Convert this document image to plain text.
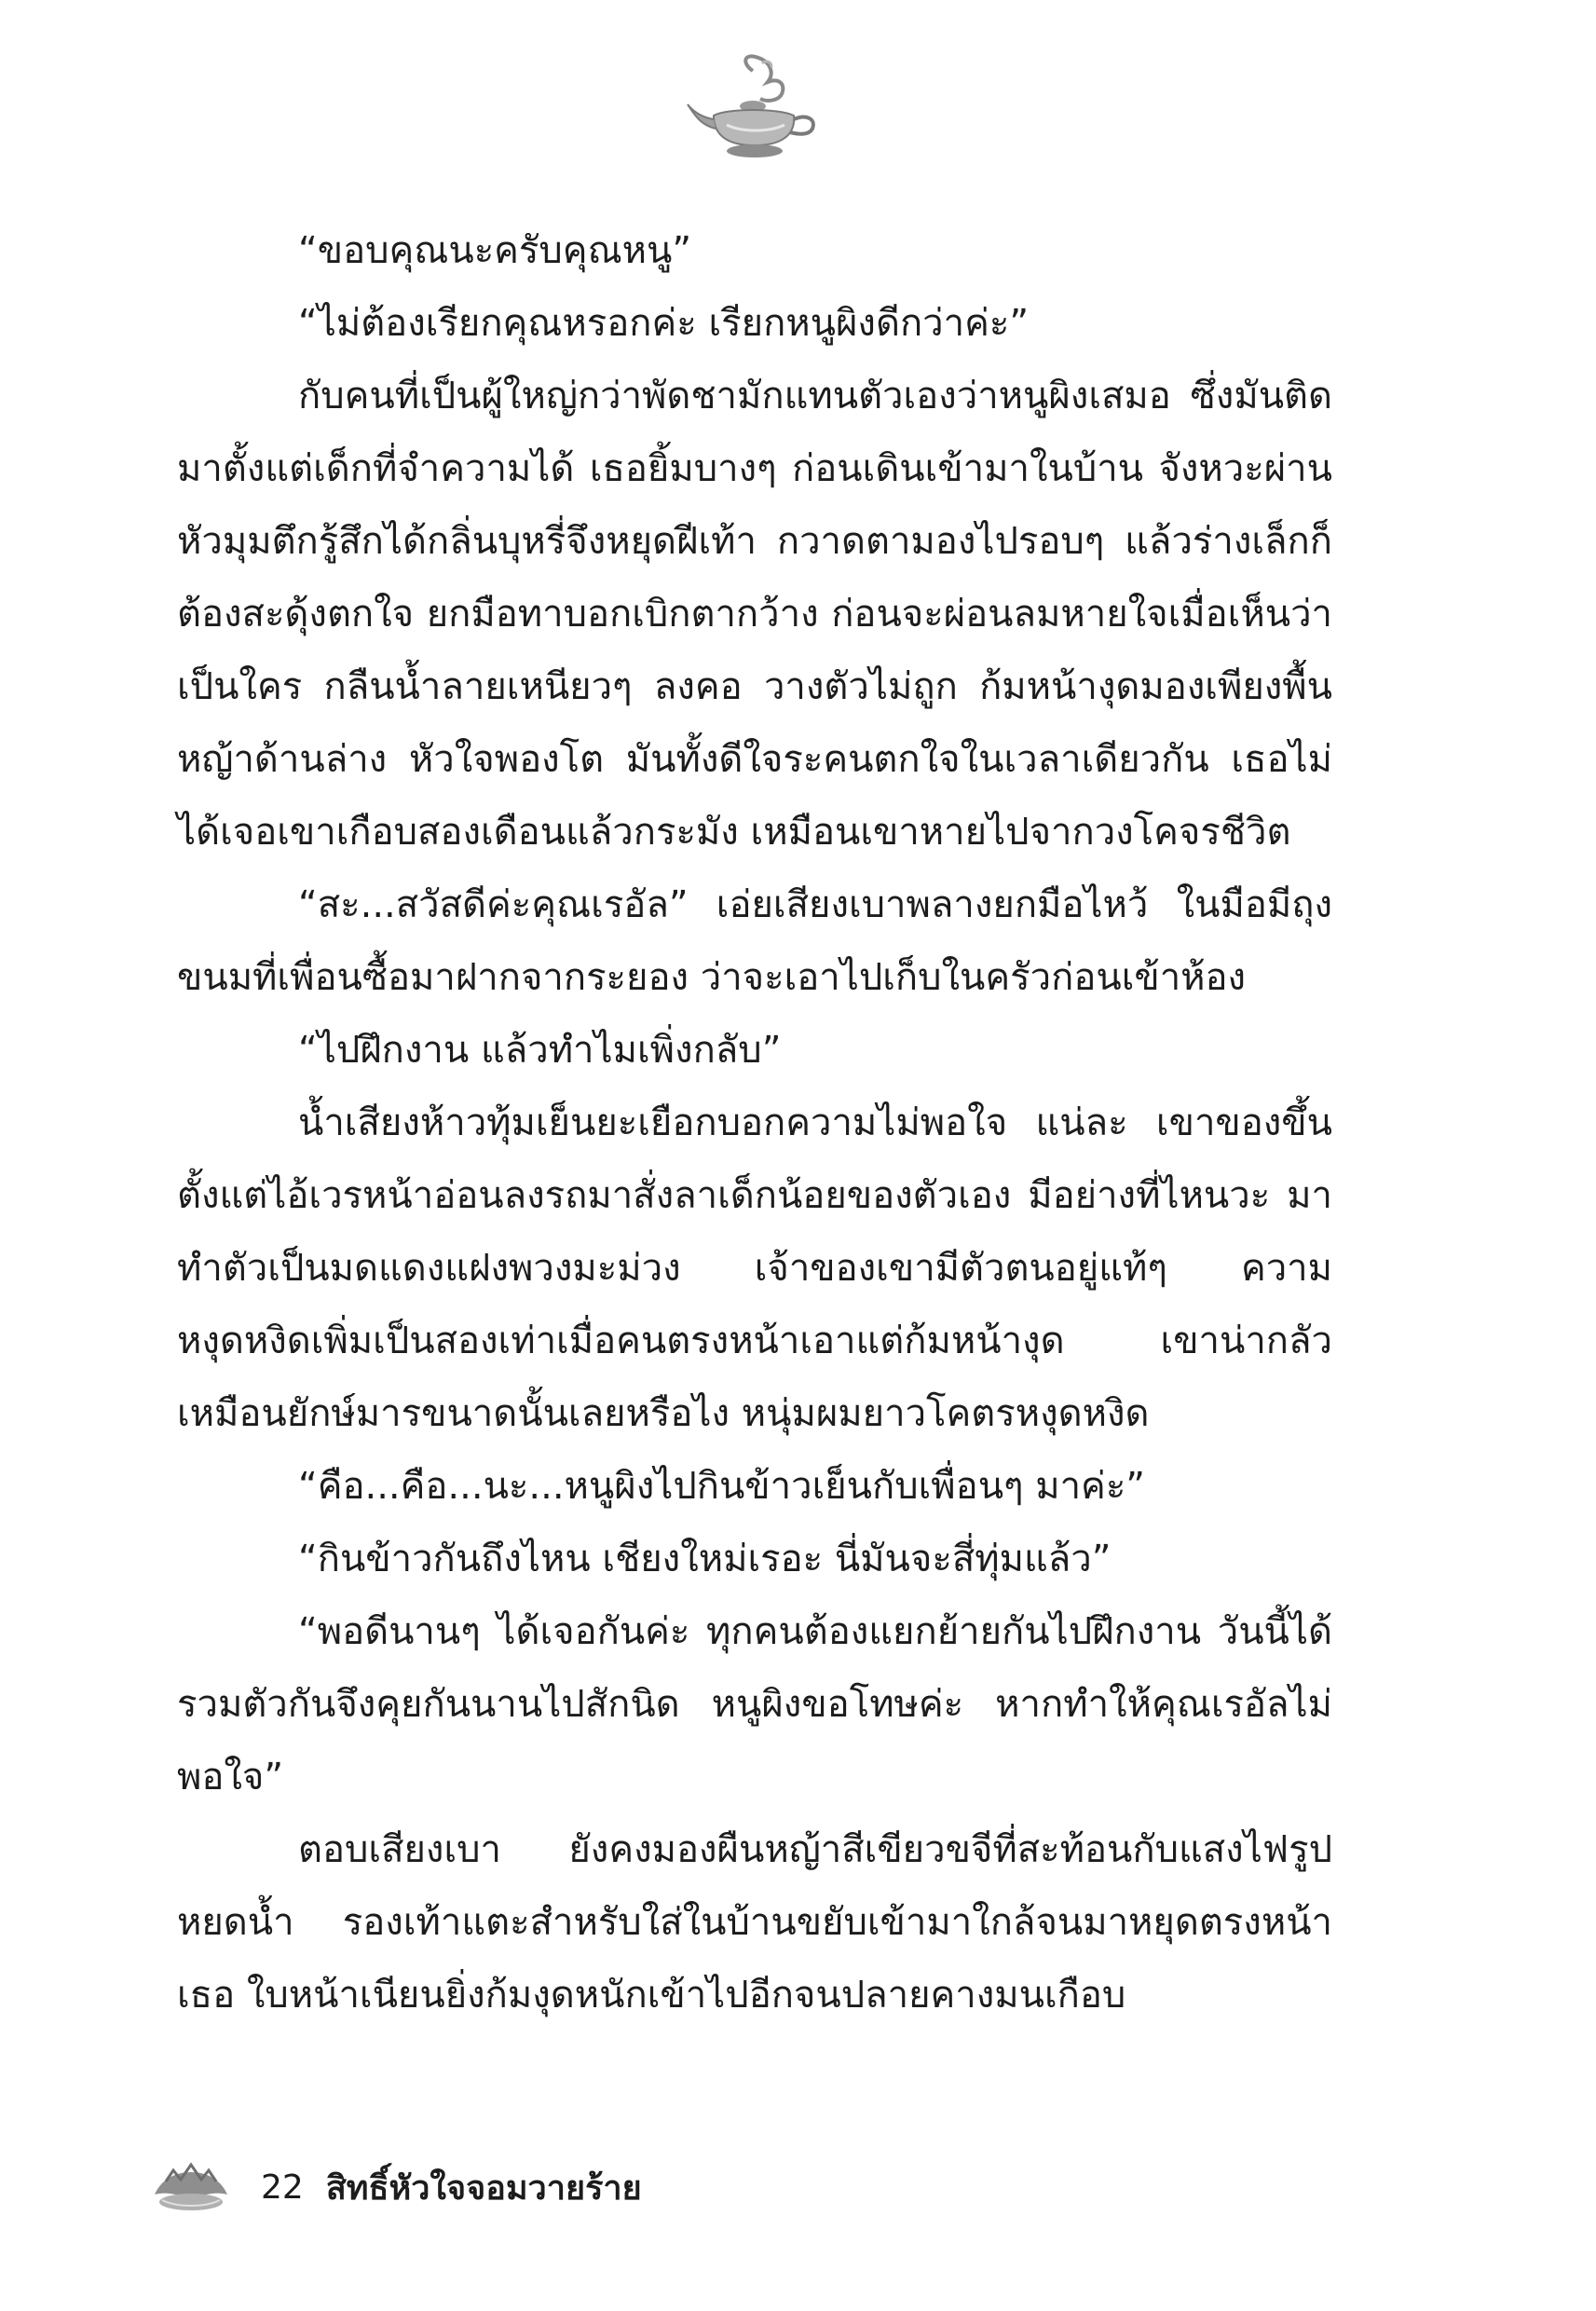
“ขอบคุณนะครับคุณหนู”

“ไม่ต้องเรียกคุณหรอกค่ะ เรียกหนูผิงดีกว่าค่ะ”

กับคนที่เป็นผู้ใหญ่กว่าพัดชามักแทนตัวเองว่าหนูผิงเสมอ ซึ่งมันติดมาตั้งแต่เด็กที่จำความได้ เธอยิ้มบางๆ ก่อนเดินเข้ามาในบ้าน จังหวะผ่านหัวมุมตึกรู้สึกได้กลิ่นบุหรี่จึงหยุดฝีเท้า กวาดตามองไปรอบๆ แล้วร่างเล็กก็ต้องสะดุ้งตกใจ ยกมือทาบอกเบิกตากว้าง ก่อนจะผ่อนลมหายใจเมื่อเห็นว่าเป็นใคร กลืนน้ำลายเหนียวๆ ลงคอ วางตัวไม่ถูก ก้มหน้างุดมองเพียงพื้นหญ้าด้านล่าง หัวใจพองโต มันทั้งดีใจระคนตกใจในเวลาเดียวกัน เธอไม่ได้เจอเขาเกือบสองเดือนแล้วกระมัง เหมือนเขาหายไปจากวงโคจรชีวิต

“สะ...สวัสดีค่ะคุณเรอัล” เอ่ยเสียงเบาพลางยกมือไหว้ ในมือมีถุงขนมที่เพื่อนซื้อมาฝากจากระยอง ว่าจะเอาไปเก็บในครัวก่อนเข้าห้อง

“ไปฝึกงาน แล้วทำไมเพิ่งกลับ”

น้ำเสียงห้าวทุ้มเย็นยะเยือกบอกความไม่พอใจ แน่ละ เขาของขึ้นตั้งแต่ไอ้เวรหน้าอ่อนลงรถมาสั่งลาเด็กน้อยของตัวเอง มีอย่างที่ไหนวะ มาทำตัวเป็นมดแดงแฝงพวงมะม่วง เจ้าของเขามีตัวตนอยู่แท้ๆ ความหงุดหงิดเพิ่มเป็นสองเท่าเมื่อคนตรงหน้าเอาแต่ก้มหน้างุด เขาน่ากลัวเหมือนยักษ์มารขนาดนั้นเลยหรือไง หนุ่มผมยาวโคตรหงุดหงิด

“คือ...คือ...นะ...หนูผิงไปกินข้าวเย็นกับเพื่อนๆ มาค่ะ”

“กินข้าวกันถึงไหน เชียงใหม่เรอะ นี่มันจะสี่ทุ่มแล้ว”

“พอดีนานๆ ได้เจอกันค่ะ ทุกคนต้องแยกย้ายกันไปฝึกงาน วันนี้ได้รวมตัวกันจึงคุยกันนานไปสักนิด หนูผิงขอโทษค่ะ หากทำให้คุณเรอัลไม่พอใจ”

ตอบเสียงเบา ยังคงมองผืนหญ้าสีเขียวขจีที่สะท้อนกับแสงไฟรูปหยดน้ำ รองเท้าแตะสำหรับใส่ในบ้านขยับเข้ามาใกล้จนมาหยุดตรงหน้าเธอ ใบหน้าเนียนยิ่งก้มงุดหนักเข้าไปอีกจนปลายคางมนเกือบ

22 สิทธิ์หัวใจจอมวายร้าย
